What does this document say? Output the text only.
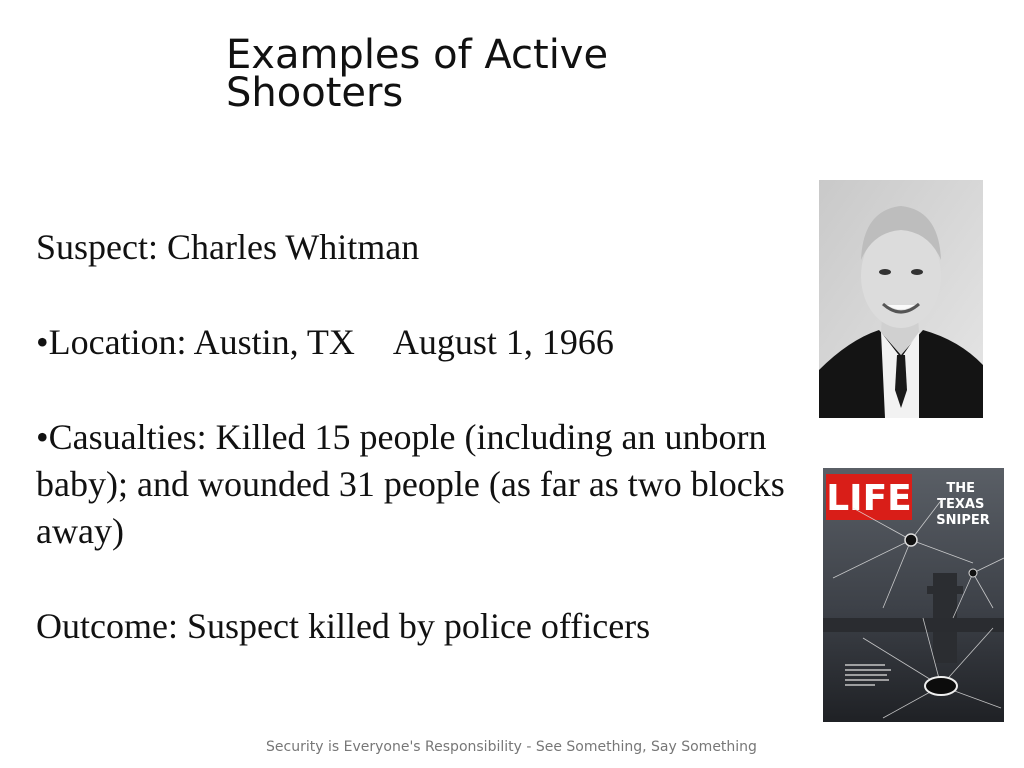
Examples of Active Shooters

Suspect: Charles Whitman

•Location: Austin, TX August 1, 1966

•Casualties: Killed 15 people (including an unborn baby); and wounded 31 people (as far as two blocks away)

Outcome: Suspect killed by police officers

LIFE	THE TEXAS SNIPER
Security is Everyone's Responsibility - See Something, Say Something
